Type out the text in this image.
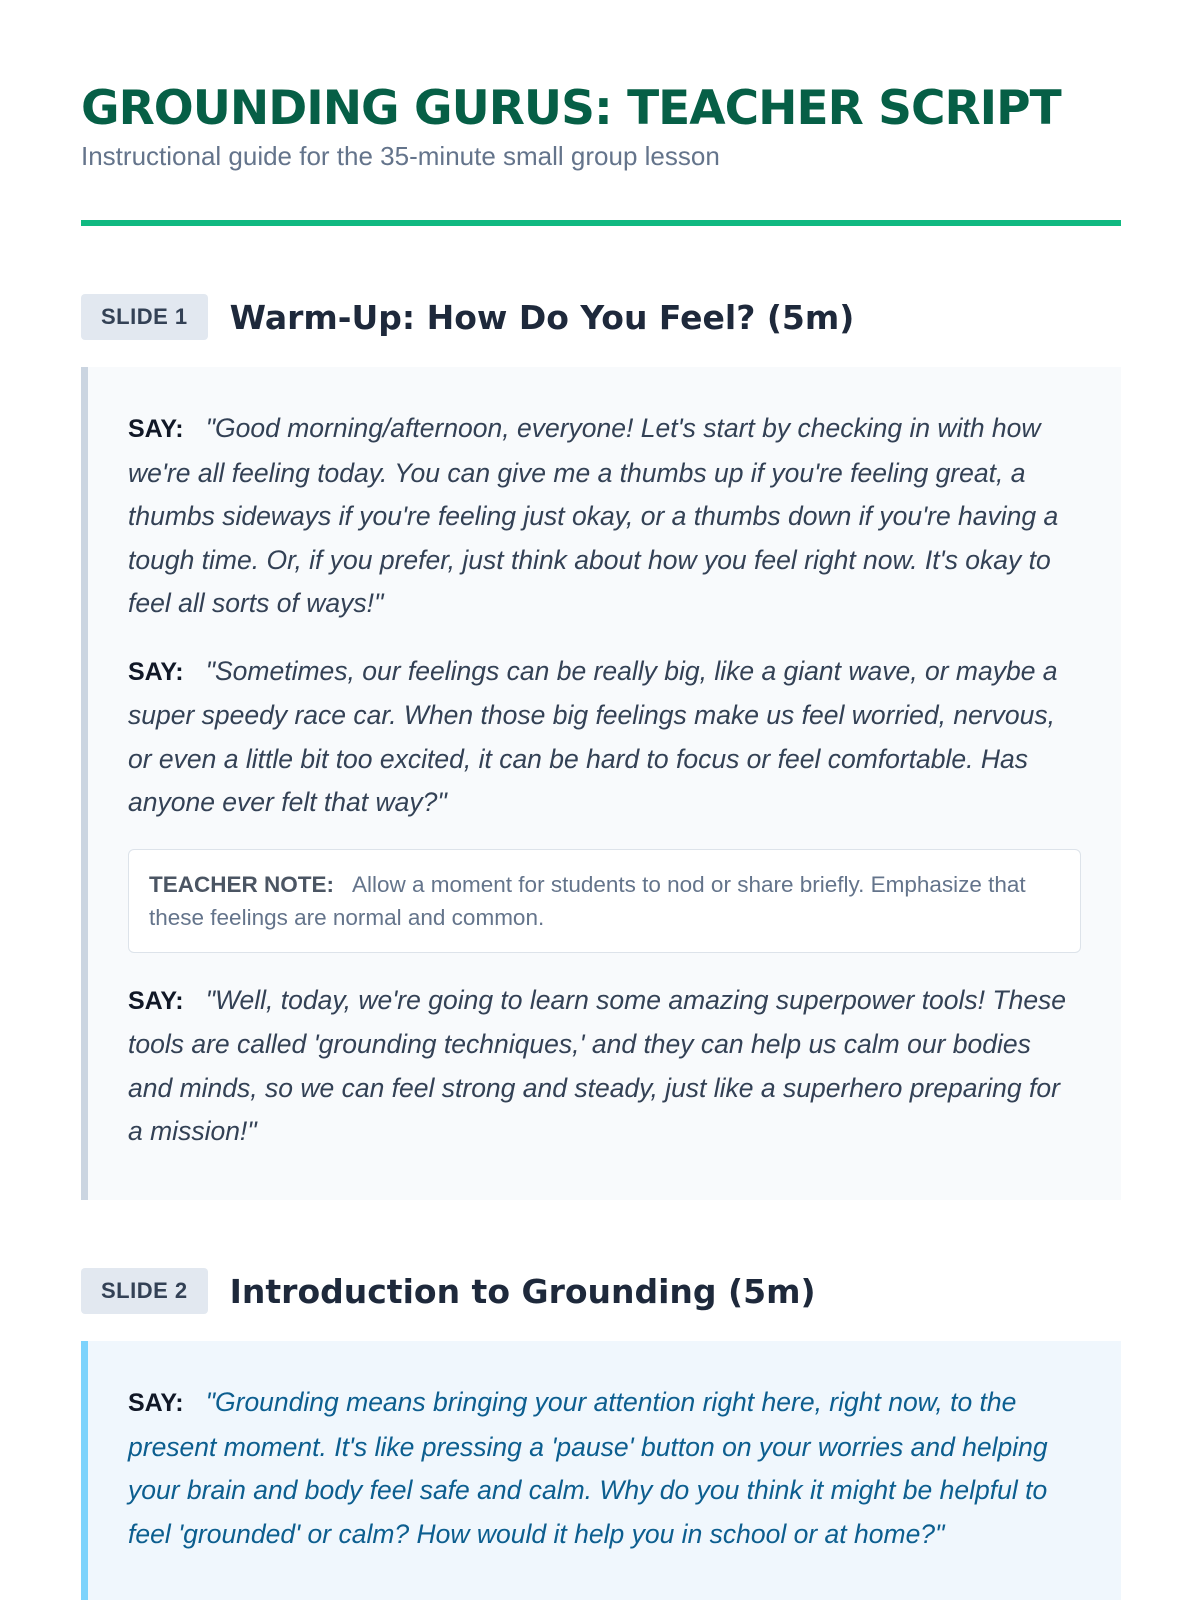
GROUNDING GURUS: TEACHER SCRIPT

Instructional guide for the 35-minute small group lesson

SLIDE 1	Warm-Up: How Do You Feel? (5m)

SAY: "Good morning/afternoon, everyone! Let's start by checking in with how we're all feeling today. You can give me a thumbs up if you're feeling great, a thumbs sideways if you're feeling just okay, or a thumbs down if you're having a tough time. Or, if you prefer, just think about how you feel right now. It's okay to feel all sorts of ways!"

SAY: "Sometimes, our feelings can be really big, like a giant wave, or maybe a super speedy race car. When those big feelings make us feel worried, nervous, or even a little bit too excited, it can be hard to focus or feel comfortable. Has anyone ever felt that way?"

TEACHER NOTE: Allow a moment for students to nod or share briefly. Emphasize that these feelings are normal and common.

SAY: "Well, today, we're going to learn some amazing superpower tools! These tools are called 'grounding techniques,' and they can help us calm our bodies and minds, so we can feel strong and steady, just like a superhero preparing for a mission!"

SLIDE 2	Introduction to Grounding (5m)

SAY: "Grounding means bringing your attention right here, right now, to the present moment. It's like pressing a 'pause' button on your worries and helping your brain and body feel safe and calm. Why do you think it might be helpful to feel 'grounded' or calm? How would it help you in school or at home?"
